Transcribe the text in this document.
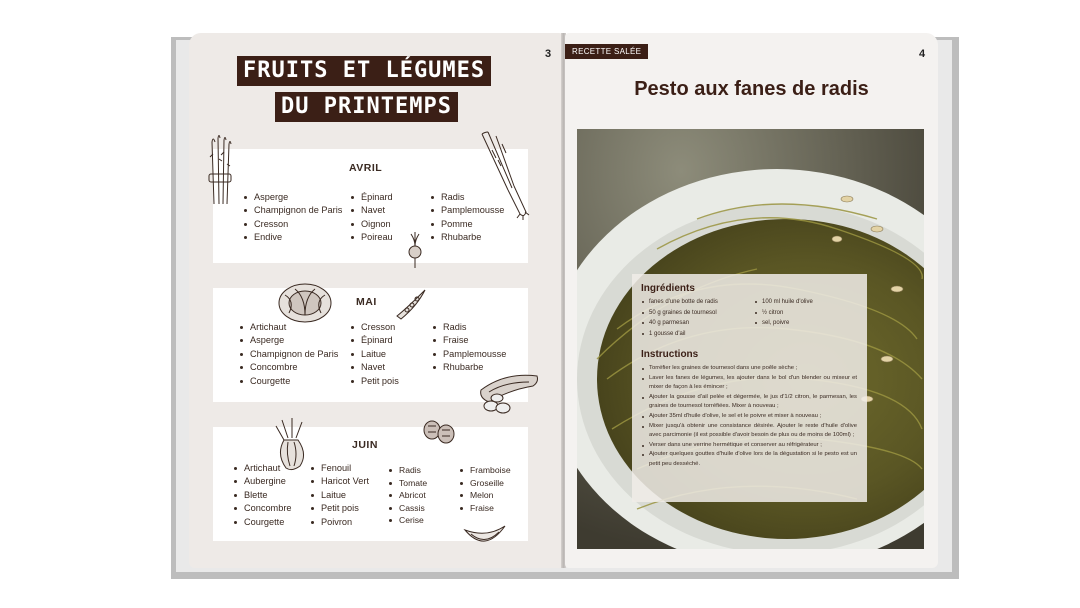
3
FRUITS ET LÉGUMES
DU PRINTEMPS
AVRIL
Asperge
Champignon de Paris
Cresson
Endive
Épinard
Navet
Oignon
Poireau
Radis
Pamplemousse
Pomme
Rhubarbe
MAI
Artichaut
Asperge
Champignon de Paris
Concombre
Courgette
Cresson
Épinard
Laitue
Navet
Petit pois
Radis
Fraise
Pamplemousse
Rhubarbe
JUIN
Artichaut
Aubergine
Blette
Concombre
Courgette
Fenouil
Haricot Vert
Laitue
Petit pois
Poivron
Radis
Tomate
Abricot
Cassis
Cerise
Framboise
Groseille
Melon
Fraise
RECETTE SALÉE	4
Pesto aux fanes de radis
Ingrédients
fanes d'une botte de radis
50 g graines de tournesol
40 g parmesan
1 gousse d'ail
100 ml huile d'olive
½ citron
sel, poivre
Instructions
Torréfier les graines de tournesol dans une poêle sèche ;
Laver les fanes de légumes, les ajouter dans le bol d'un blender ou mixeur et mixer de façon à les émincer ;
Ajouter la gousse d'ail pelée et dégermée, le jus d'1/2 citron, le parmesan, les graines de tournesol torréfiées. Mixer à nouveau ;
Ajouter 35ml d'huile d'olive, le sel et le poivre et mixer à nouveau ;
Mixer jusqu'à obtenir une consistance désirée. Ajouter le reste d'huile d'olive avec parcimonie (il est possible d'avoir besoin de plus ou de moins de 100ml) ;
Verser dans une verrine hermétique et conserver au réfrigérateur ;
Ajouter quelques gouttes d'huile d'olive lors de la dégustation si le pesto est un petit peu desséché.
